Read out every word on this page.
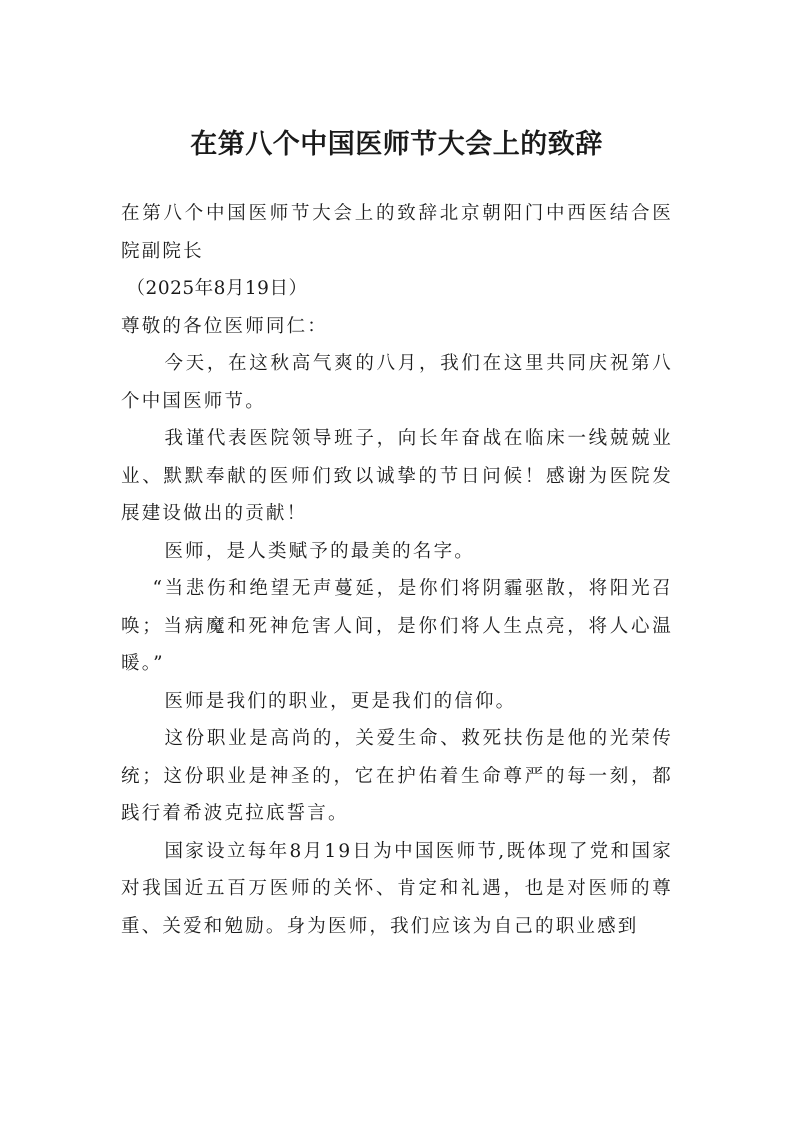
在第八个中国医师节大会上的致辞

在第八个中国医师节大会上的致辞北京朝阳门中西医结合医院副院长

（2025年8月19日）

尊敬的各位医师同仁：

今天，在这秋高气爽的八月，我们在这里共同庆祝第八个中国医师节。

我谨代表医院领导班子，向长年奋战在临床一线兢兢业业、默默奉献的医师们致以诚挚的节日问候！感谢为医院发展建设做出的贡献！

医师，是人类赋予的最美的名字。

“当悲伤和绝望无声蔓延，是你们将阴霾驱散，将阳光召唤；当病魔和死神危害人间，是你们将人生点亮，将人心温暖。”

医师是我们的职业，更是我们的信仰。

这份职业是高尚的，关爱生命、救死扶伤是他的光荣传统；这份职业是神圣的，它在护佑着生命尊严的每一刻，都践行着希波克拉底誓言。

国家设立每年8月19日为中国医师节,既体现了党和国家对我国近五百万医师的关怀、肯定和礼遇，也是对医师的尊重、关爱和勉励。身为医师，我们应该为自己的职业感到
